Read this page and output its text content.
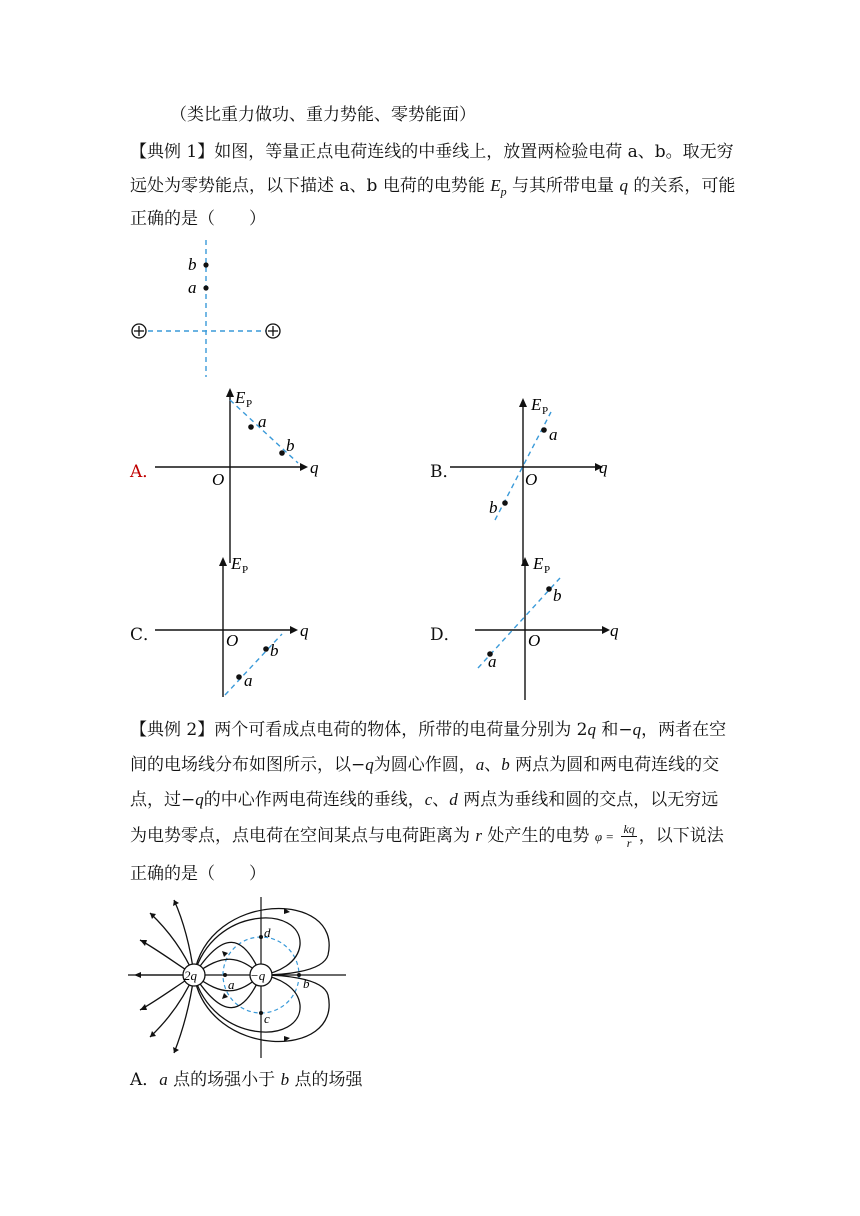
（类比重力做功、重力势能、零势能面）
【典例 1】如图，等量正点电荷连线的中垂线上，放置两检验电荷 a、b。取无穷
远处为零势能点，以下描述 a、b 电荷的电势能 $E_p$ 与其所带电量 q 的关系，可能
正确的是（　　）
b
a
A．
a
b
E P
q
O	B．
a
b
E P
q
O
C．
b
a
E P
q
O	D．
b
a
E P
q
O
【典例 2】两个可看成点电荷的物体，所带的电荷量分别为 2q 和−q，两者在空
间的电场线分布如图所示，以−q为圆心作圆，a、b 两点为圆和两电荷连线的交
点，过−q的中心作两电荷连线的垂线，c、d 两点为垂线和圆的交点，以无穷远
为电势零点，点电荷在空间某点与电荷距离为 r 处产生的电势 $\varphi = \frac{kq}{r}$ ，以下说法
正确的是（　　）
2q	−q
a	b
c
d
A．a 点的场强小于 b 点的场强
